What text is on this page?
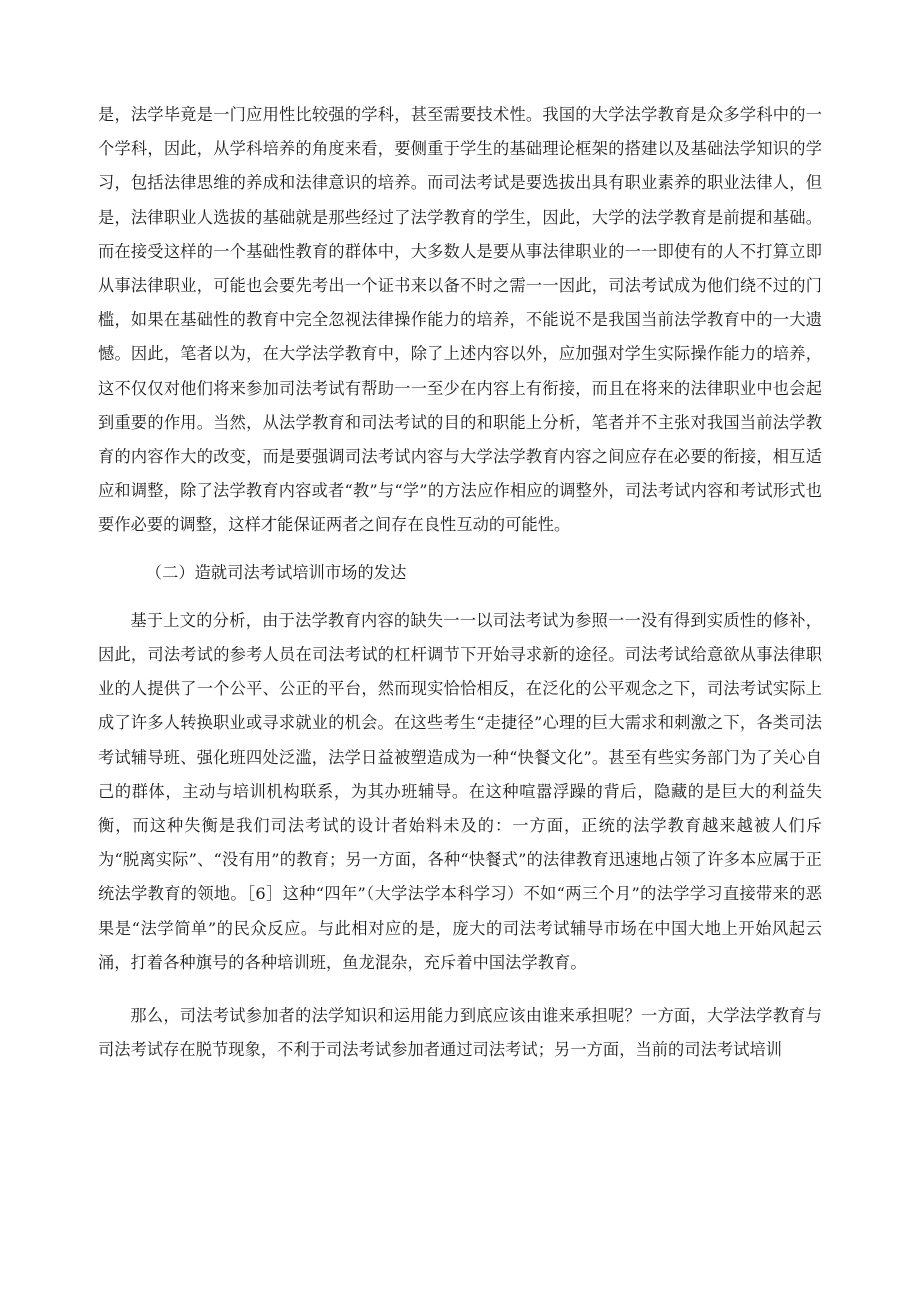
是，法学毕竟是一门应用性比较强的学科，甚至需要技术性。我国的大学法学教育是众多学科中的一个学科，因此，从学科培养的角度来看，要侧重于学生的基础理论框架的搭建以及基础法学知识的学习，包括法律思维的养成和法律意识的培养。而司法考试是要选拔出具有职业素养的职业法律人，但是，法律职业人选拔的基础就是那些经过了法学教育的学生，因此，大学的法学教育是前提和基础。而在接受这样的一个基础性教育的群体中，大多数人是要从事法律职业的一一即使有的人不打算立即从事法律职业，可能也会要先考出一个证书来以备不时之需一一因此，司法考试成为他们绕不过的门槛，如果在基础性的教育中完全忽视法律操作能力的培养，不能说不是我国当前法学教育中的一大遗憾。因此，笔者以为，在大学法学教育中，除了上述内容以外，应加强对学生实际操作能力的培养，这不仅仅对他们将来参加司法考试有帮助一一至少在内容上有衔接，而且在将来的法律职业中也会起到重要的作用。当然，从法学教育和司法考试的目的和职能上分析，笔者并不主张对我国当前法学教育的内容作大的改变，而是要强调司法考试内容与大学法学教育内容之间应存在必要的衔接，相互适应和调整，除了法学教育内容或者“教”与“学”的方法应作相应的调整外，司法考试内容和考试形式也要作必要的调整，这样才能保证两者之间存在良性互动的可能性。

（二）造就司法考试培训市场的发达

基于上文的分析，由于法学教育内容的缺失一一以司法考试为参照一一没有得到实质性的修补，因此，司法考试的参考人员在司法考试的杠杆调节下开始寻求新的途径。司法考试给意欲从事法律职业的人提供了一个公平、公正的平台，然而现实恰恰相反，在泛化的公平观念之下，司法考试实际上成了许多人转换职业或寻求就业的机会。在这些考生“走捷径”心理的巨大需求和刺激之下，各类司法考试辅导班、强化班四处泛滥，法学日益被塑造成为一种“快餐文化”。甚至有些实务部门为了关心自己的群体，主动与培训机构联系，为其办班辅导。在这种喧嚣浮躁的背后，隐藏的是巨大的利益失衡，而这种失衡是我们司法考试的设计者始料未及的：一方面，正统的法学教育越来越被人们斥为“脱离实际”、“没有用”的教育；另一方面，各种“快餐式”的法律教育迅速地占领了许多本应属于正统法学教育的领地。［6］这种“四年”（大学法学本科学习）不如“两三个月”的法学学习直接带来的恶果是“法学简单”的民众反应。与此相对应的是，庞大的司法考试辅导市场在中国大地上开始风起云涌，打着各种旗号的各种培训班，鱼龙混杂，充斥着中国法学教育。

那么，司法考试参加者的法学知识和运用能力到底应该由谁来承担呢？一方面，大学法学教育与司法考试存在脱节现象，不利于司法考试参加者通过司法考试；另一方面，当前的司法考试培训
